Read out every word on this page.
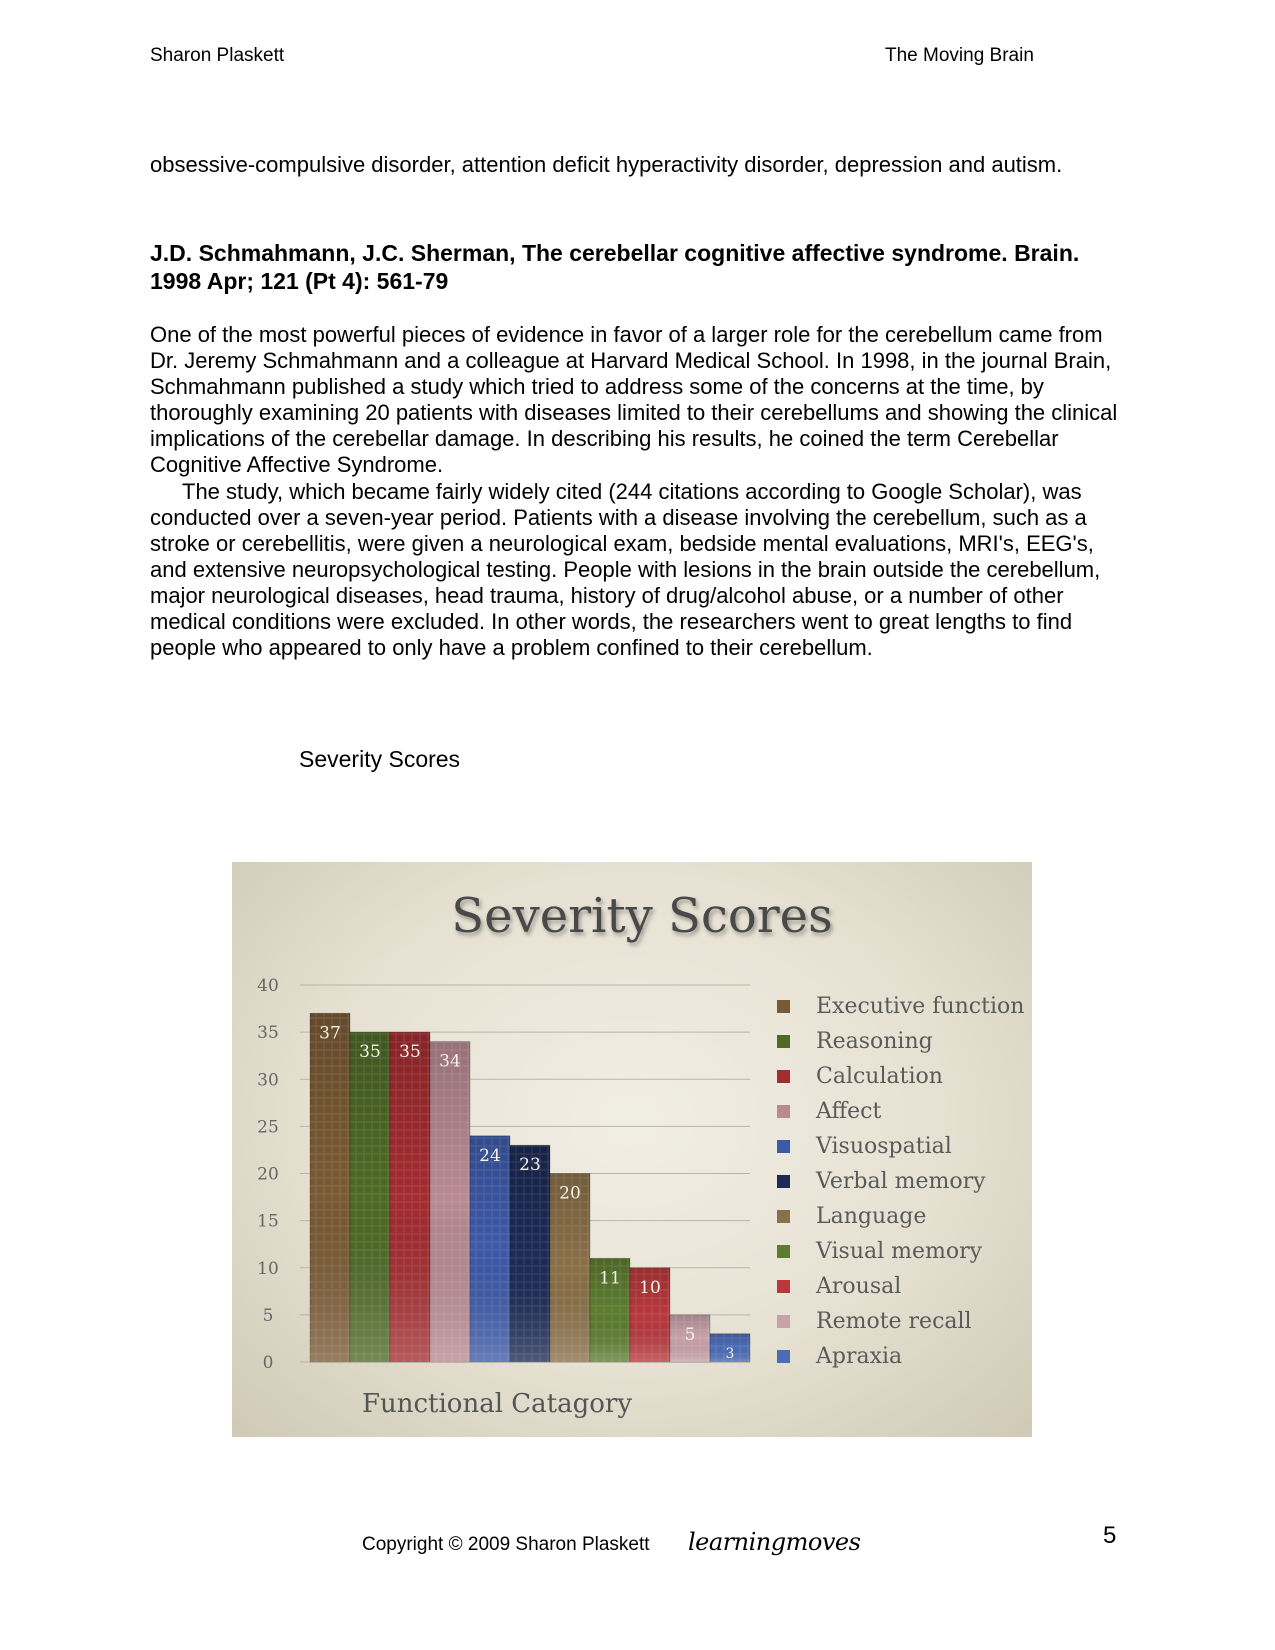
Sharon Plaskett	The Moving Brain

obsessive-compulsive disorder, attention deficit hyperactivity disorder, depression and autism.

J.D. Schmahmann, J.C. Sherman, The cerebellar cognitive affective syndrome. Brain. 1998 Apr; 121 (Pt 4): 561-79

One of the most powerful pieces of evidence in favor of a larger role for the cerebellum came from Dr. Jeremy Schmahmann and a colleague at Harvard Medical School. In 1998, in the journal Brain, Schmahmann published a study which tried to address some of the concerns at the time, by thoroughly examining 20 patients with diseases limited to their cerebellums and showing the clinical implications of the cerebellar damage. In describing his results, he coined the term Cerebellar Cognitive Affective Syndrome.

The study, which became fairly widely cited (244 citations according to Google Scholar), was conducted over a seven-year period. Patients with a disease involving the cerebellum, such as a stroke or cerebellitis, were given a neurological exam, bedside mental evaluations, MRI's, EEG's, and extensive neuropsychological testing. People with lesions in the brain outside the cerebellum, major neurological diseases, head trauma, history of drug/alcohol abuse, or a number of other medical conditions were excluded. In other words, the researchers went to great lengths to find people who appeared to only have a problem confined to their cerebellum.

Severity Scores
Severity Scores
0
5
10
15
20
25
30
35
40
37
35 35 34
24 23
20
11 10
5
3
Executive function
Reasoning
Calculation
Affect
Visuospatial
Verbal memory
Language
Visual memory
Arousal
Remote recall
Apraxia
Functional Catagory
Copyright © 2009 Sharon Plaskett learningmoves	5
